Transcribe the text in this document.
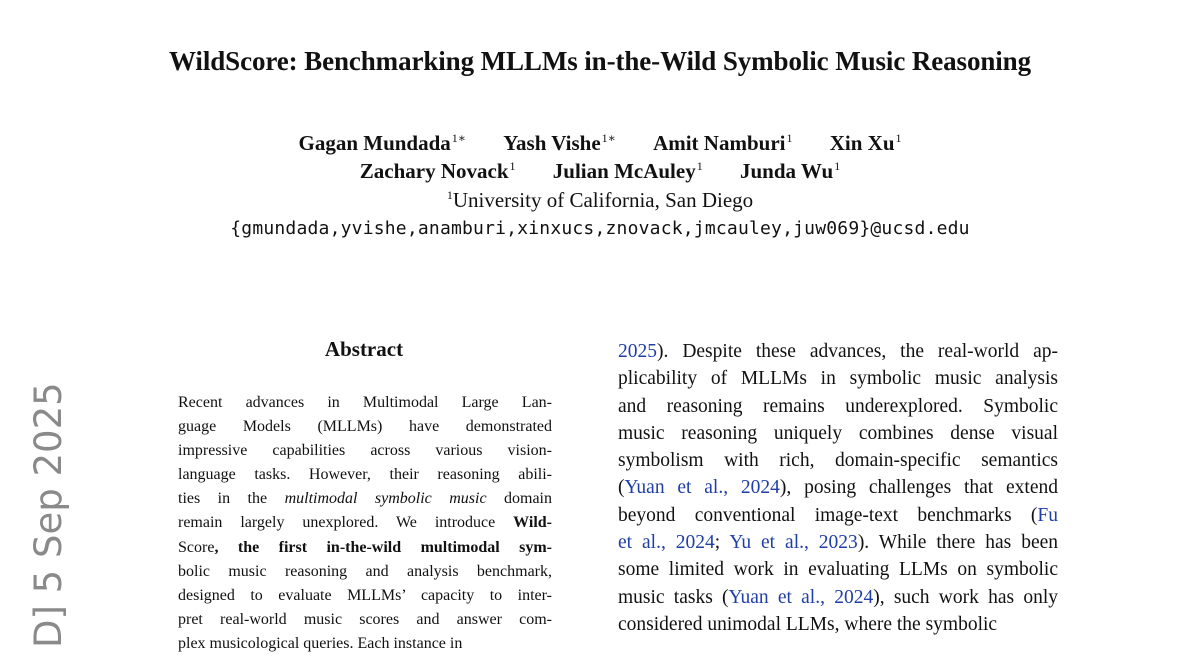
WildScore: Benchmarking MLLMs in-the-Wild Symbolic Music Reasoning
Gagan Mundada$^{1∗}$ Yash Vishe$^{1∗}$ Amit Namburi$^1$ Xin Xu$^1$
Zachary Novack$^1$ Julian McAuley$^1$ Junda Wu$^1$
$^1$University of California, San Diego
{gmundada,yvishe,anamburi,xinxucs,znovack,jmcauley,juw069}@ucsd.edu
D] 5 Sep 2025
Abstract
Recent advances in Multimodal Large Lan-
guage Models (MLLMs) have demonstrated
impressive capabilities across various vision-
language tasks. However, their reasoning abili-
ties in the multimodal symbolic music domain
remain largely unexplored. We introduce Wild-
Score, the first in-the-wild multimodal sym-
bolic music reasoning and analysis benchmark,
designed to evaluate MLLMs’ capacity to inter-
pret real-world music scores and answer com-
plex musicological queries. Each instance in
2025). Despite these advances, the real-world ap-
plicability of MLLMs in symbolic music analysis
and reasoning remains underexplored. Symbolic
music reasoning uniquely combines dense visual
symbolism with rich, domain-specific semantics
(Yuan et al., 2024), posing challenges that extend
beyond conventional image-text benchmarks (Fu
et al., 2024; Yu et al., 2023). While there has been
some limited work in evaluating LLMs on symbolic
music tasks (Yuan et al., 2024), such work has only
considered unimodal LLMs, where the symbolic
